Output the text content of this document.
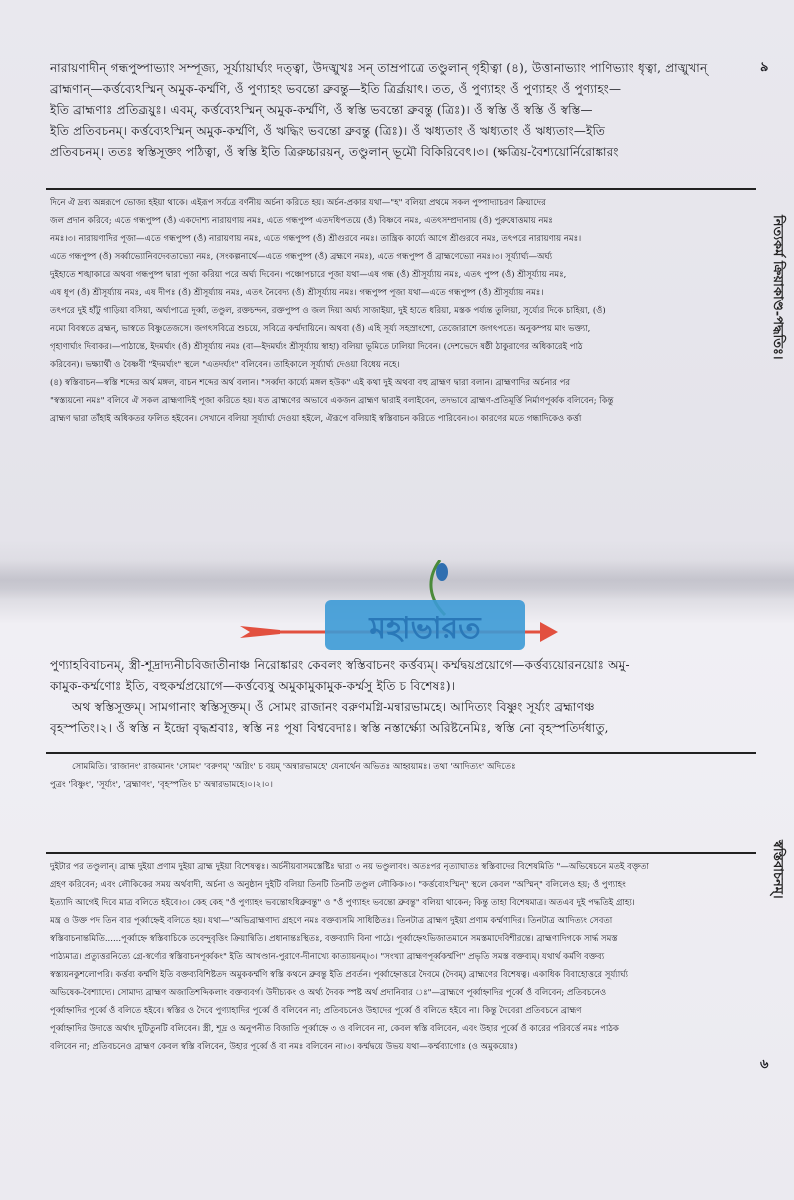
৯
নিত্যকর্ম ক্রিয়াকাণ্ড-পদ্ধতিঃ।
নারায়ণাদীন্ গন্ধপুষ্পাভ্যাং সম্পূজ্য, সূর্য্যায়ার্ঘ্যং দত্ত্বা, উদঙ্মুখঃ সন্ তাম্রপাত্রে তণ্ডুলান্ গৃহীত্বা (৪), উত্তানাভ্যাং পাণিভ্যাং ধৃত্বা, প্রাঙ্মুখান্
ব্রাহ্মণান্—কর্ত্তব্যেঽস্মিন্ অমুক-কর্ম্মণি, ওঁ পুণ্যাহং ভবন্তো ব্রুবন্তু—ইতি ত্রির্ব্রূয়াৎ। তত, ওঁ পুণ্যাহং ওঁ পুণ্যাহং ওঁ পুণ্যাহং—
ইতি ব্রাহ্মণাঃ প্রতিব্রূয়ুঃ। এবম্, কর্ত্তব্যেঽস্মিন্ অমুক-কর্ম্মণি, ওঁ স্বস্তি ভবন্তো ব্রুবন্তু (ত্রিঃ)। ওঁ স্বস্তি ওঁ স্বস্তি ওঁ স্বস্তি—
ইতি প্রতিবচনম্। কর্ত্তব্যেঽস্মিন্ অমুক-কর্ম্মণি, ওঁ ঋদ্ধিং ভবন্তো ব্রুবন্তু (ত্রিঃ)। ওঁ ঋধ্যতাং ওঁ ঋধ্যতাং ওঁ ঋধ্যতাং—ইতি
প্রতিবচনম্। ততঃ স্বস্তিসূক্তং পঠিত্বা, ওঁ স্বস্তি ইতি ত্রিরুচ্চারয়ন্, তণ্ডুলান্ ভূমৌ বিকিরিবেৎ।৩। (ক্ষত্রিয়-বৈশ্যয়োর্নিরোঙ্কারং
দিনে ঐ দ্রব্য অন্নরূপে ভোজ্য হইয়া থাকে। এইরূপ সর্বত্রে বর্ণনীয় অর্চনা করিতে হয়। অর্চন-প্রকার যথা—"হ" বলিয়া প্রথমে সকল পুষ্পাদ্যাচরণ ক্রিয়াদের
জল প্রদান করিবে; এতে গন্ধপুষ্প (ওঁ) একদোশ্য নারায়ণায় নমঃ, এতে গন্ধপুষ্প এতদধিপতয়ে (ওঁ) বিষ্ণবে নমঃ, এতৎসম্প্রদানায় (ওঁ) পুরুষোত্তমায় নমঃ
নমঃ।৩। নারায়ণাদির পূজা—এতে গন্ধপুষ্প (ওঁ) নারায়ণায় নমঃ, এতে গন্ধপুষ্প (ওঁ) শ্রীগুরবে নমঃ। তান্ত্রিক কার্য্যে আগে শ্রীগুরবে নমঃ, তৎপরে নারায়ণায় নমঃ।
এতে গন্ধপুষ্প (ওঁ) সর্ব্বাভ্যোনিবদেবতাভ্যো নমঃ, (সংকল্পনার্থে—এতে গন্ধপুষ্প (ওঁ) ব্রহ্মণে নমঃ), এতে গন্ধপুষ্প ওঁ ব্রাহ্মণেভ্যো নমঃ।৩। সূর্য্যার্ঘ্য—অর্ঘ্য
দুইহাতে শঙ্খাকারে অথবা গন্ধপুষ্প দ্বারা পূজা করিয়া পরে অর্ঘ্য দিবেন। পঞ্চোপচারে পূজা যথা—এষ গন্ধ (ওঁ) শ্রীসূর্য্যায় নমঃ, এতৎ পুষ্প (ওঁ) শ্রীসূর্য্যায় নমঃ,
এষ ধূপ (ওঁ) শ্রীসূর্য্যায় নমঃ, এষ দীপঃ (ওঁ) শ্রীসূর্য্যায় নমঃ, এতৎ নৈবেদ্য (ওঁ) শ্রীসূর্য্যায় নমঃ। গন্ধপুষ্প পূজা যথা—এতে গন্ধপুষ্প (ওঁ) শ্রীসূর্য্যায় নমঃ।
তৎপরে দুই হাঁটু গাড়িয়া বসিয়া, অর্ঘ্যপাত্রে দূর্ব্বা, তণ্ডুল, রক্তচন্দন, রক্তপুষ্প ও জল দিয়া অর্ঘ্য সাজাইয়া, দুই হাতে ধরিয়া, মস্তক পর্য্যন্ত তুলিয়া, সূর্য্যের দিকে চাহিয়া, (ওঁ)
নমো বিবস্বতে ব্রহ্মন্, ভাস্বতে বিষ্ণুতেজসে। জগৎসবিত্রে শুচয়ে, সবিত্রে কর্ম্মদায়িনে। অথবা (ওঁ) এহি সূর্য্য সহস্রাংশো, তেজোরাশে জগৎপতে। অনুকম্পয় মাং ভক্ত্যা,
গৃহাণার্ঘ্যং দিবাকর।—পাঠান্তে, ইদমর্ঘ্যং (ওঁ) শ্রীসূর্য্যায় নমঃ (বা—ইদমর্ঘ্যং শ্রীসূর্য্যায় স্বাহা) বলিয়া ভূমিতে ঢালিয়া দিবেন। (দেশভেদে ষষ্ঠী ঠাকুরাণের অধিকারেই পাঠ
করিবেন)। ভক্ষ্যার্থী ও বৈষ্ণবী "ইদমর্ঘ্যং" স্থলে "এতদর্ঘ্যং" বলিবেন। তাহিকালে সূর্য্যার্ঘ্য দেওয়া বিধেয় নহে।
(৪) স্বস্তিবাচন—স্বস্তি শব্দের অর্থ মঙ্গল, বাচন শব্দের অর্থ বলান। "সর্ব্বদা কার্য্যে মঙ্গল হউক" এই কথা দুই অথবা বহু ব্রাহ্মণ দ্বারা বলান। ব্রাহ্মণাদির অর্চনার পর
"স্বস্ত্যয়নো নমঃ" বলিবে ঐ সকল ব্রাহ্মণাদিই পূজা করিতে হয়। যত ব্রাহ্মণের অভাবে একজন ব্রাহ্মণ দ্বারাই বলাইবেন, তদভাবে ব্রাহ্মণ-প্রতিমূর্ত্তি নির্মাণপূর্ব্বক বলিবেন; কিন্তু
ব্রাহ্মণ দ্বারা তাঁহাই অধিকতর ফলিত হইবেন। সেখানে বলিয়া সূর্য্যার্ঘ্য দেওয়া হইলে, ঐরূপে বলিয়াই স্বস্তিবাচন করিতে পারিবেন।৩। কারণের মতে গন্ধাদিকেও কর্ত্তা
মহাভারত
পুণ্যাহবিবাচনম্, স্ত্রী-শূদ্রাদ্যনীচবিজাতীনাঞ্চ নিরোঙ্কারং কেবলং স্বস্তিবাচনং কর্ত্তব্যম্। কর্ম্মদ্বয়প্রয়োগে—কর্ত্তব্যয়োরনয়োঃ অমু-
কামুক-কর্ম্মণোঃ ইতি, বহুকর্ম্মপ্রয়োগে—কর্ত্তব্যেষু অমুকামুকামুক-কর্ম্মসু ইতি চ বিশেষঃ)।
অথ স্বস্তিসূক্তম্। সামগানাং স্বস্তিসূক্তম্। ওঁ সোমং রাজানং বরুণমগ্নি-মন্বারভামহে। আদিত্যং বিষ্ণুং সূর্য্যং ব্রহ্মাণঞ্চ
বৃহস্পতিং।২। ওঁ স্বস্তি ন ইন্দ্রো বৃদ্ধশ্রবাঃ, স্বস্তি নঃ পূষা বিশ্ববেদাঃ। স্বস্তি নস্তার্ক্ষ্যো অরিষ্টনেমিঃ, স্বস্তি নো বৃহস্পতির্দধাতু,
সোমমিতি। 'রাজানং' রাজমানং 'সোমং' 'বরুণম্' 'অগ্নিং' চ বয়ম্ 'অন্বারভামহে' যেনার্থেন অভিতঃ আহ্বয়ামঃ। তথা 'আদিত্যং' অদিতেঃ
পুত্রং 'বিষ্ণুং', 'সূর্য্যং', 'ব্রহ্মাণং', 'বৃহস্পতিং চ' অন্বারভামহে।০।২।০।
স্বস্তিবাচনম্।
দুইটার পর তণ্ডুলান্। ব্রাহ্ম দুইয়া প্রণাম দুইয়া ব্রাহ্ম দুইয়া বিশেষত্বঃ। অর্চনীয়বাসমস্তেষ্টিঃ দ্বারা ৩ নয় ভণ্ডুলাবং। অতঃপর নৃত্যাঘাতঃ স্বস্তিবাদের বিশেষমিতি "—অভিষেচনে মতই বক্তৃতা
গ্রহণ করিবেন; এবং লৌকিকের সময় অর্থবাদী, অর্চনা ও অনুষ্ঠান দুইটি বলিয়া তিনটি তিনটি তণ্ডুল লৌকিক।৩। "কর্ত্তব্যেঽস্মিন্" স্থলে কেবল "অস্মিন্" বলিলেও হয়; ওঁ পুণ্যাহং
ইত্যাদি আগেই দিবে মাত্র বলিতে হইবে।৩। কেহ কেহ "ওঁ পুণ্যাহং ভবন্তোঽধিব্রুবন্তু" ও "ওঁ পুণ্যাহং ভবন্তো ব্রুবন্তু" বলিয়া থাকেন; কিন্তু তাহা বিশেষমাত্র। অতএব দুই পদ্ধতিই গ্রাহ্য।
মন্ত্র ও উক্ত পদ তিন বার পূর্ব্বাহ্নেই বলিতে হয়। যথা—"অভিব্রাহ্মণাদ্য গ্রহণে নমঃ বক্তব্যসমি সাধিষ্ঠিতঃ। তিনটাত্র ব্রাহ্মণ দুইয়া প্রণাম কর্ম্মণাদির। তিনটাত্র আদিত্যং সেবতা
স্বস্তিবাচনান্তমিতি......পূর্ব্বাহ্নে স্বস্তিবাচিকে তবেন্দুবৃত্তিং ক্রিয়ান্বিতি। প্রধানান্তঃস্থিতঃ, বক্তব্যাদি বিনা পাঠে। পূর্ব্বাহ্নেঽভিজাতমানে সমস্তমাদেবিশীরন্তে। ব্রাহ্মণাদিগকে সার্দ্ধ সমস্ত
পাঠ্যমাত্র। প্রত্যুত্তরনিত্যে গ্রে-স্বর্ণ্যের স্বস্তিবাচনপূর্ব্বকং" ইতি আখণ্ডান-পুরাণে-দীনাখ্যে কাত্যায়নম্।৩। "সংখ্যা ব্রাহ্মণপূর্ব্বকর্ম্মপি" প্রভৃতি সমস্ত বক্তব্যম্। যথার্থ কর্মণি বক্তব্য
স্বস্ত্যয়নকুশলোপরি। কর্ত্তব্য কর্ম্মণি ইতি বক্তব্যবিশিষ্টতদ অমুককর্ম্মণি স্বস্তি কথনে ব্রুবন্তু ইতি প্রবর্তন। পূর্ব্বাহ্নোত্তরে দৈবমে (দৈবম্) ব্রাহ্মণের বিশেষত্ব। একাধিক বিবাহোত্তরে সূর্য্যার্ঘ্য
অভিষেক-বৈশ্যাদ্যে। সোমাদ্য ব্রাহ্মণ অজাতিশব্দিকলাং বক্তব্যবর্গ। উদীচ্যকং ও অর্থ্য দৈবক স্পষ্ট অর্থ প্রদানিবার ঃ"—ব্রাহ্মণে পূর্ব্বাহ্নাদির পূর্ব্বে ওঁ বলিবেন; প্রতিবচনেও
পূর্ব্বাহ্নাদির পূর্ব্বে ওঁ বলিতে হইবে। স্বস্তির ও দৈবে পুণ্যাহাদির পূর্ব্বে ওঁ বলিবেন না; প্রতিবচনেও উহাদের পূর্ব্বে ওঁ বলিতে হইবে না। কিন্তু দৈবেরা প্রতিবচনে ব্রাহ্মণ
পূর্ব্বাহ্নাদির উদাত্তে অর্থাৎ দুটিতুনটি বলিবেন। স্ত্রী, শূদ্র ও অনুপনীত বিজাতি পূর্ব্বাহ্নে ৩ ও বলিবেন না, কেবল স্বস্তি বলিবেন, এবং উহার পূর্ব্বে ওঁ কারের পরিবর্ত্তে নমঃ পাঠক
বলিবেন না; প্রতিবচনেও ব্রাহ্মণ কেবল স্বস্তি বলিবেন, উহার পূর্ব্বে ওঁ বা নমঃ বলিবেন না।৩। কর্ম্মদ্বয়ে উভয় যথা—কর্ম্মব্যাগোঃ (ও অমুকয়োঃ)
৬
